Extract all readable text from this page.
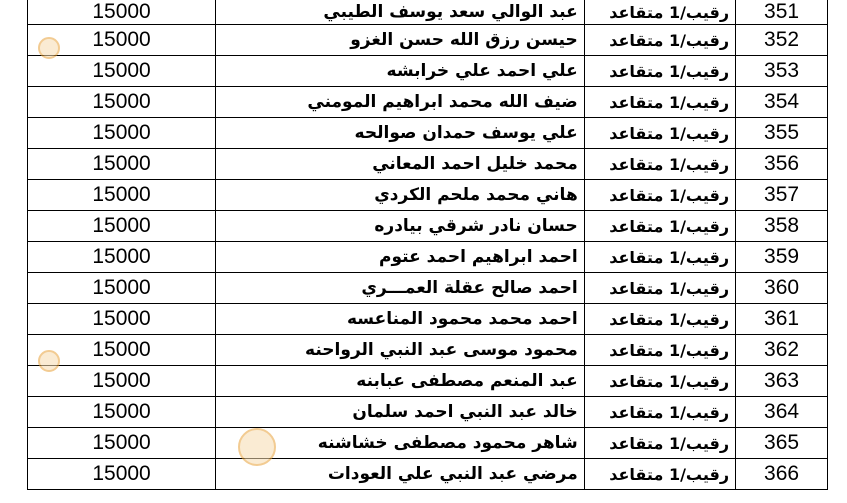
15000	عبد الوالي سعد يوسف الطيبي	رقيب/1 متقاعد	351
15000	حيسن رزق الله حسن الغزو	رقيب/1 متقاعد	352
15000	علي احمد علي خرابشه	رقيب/1 متقاعد	353
15000	ضيف الله محمد ابراهيم المومني	رقيب/1 متقاعد	354
15000	علي يوسف حمدان صوالحه	رقيب/1 متقاعد	355
15000	محمد خليل احمد المعاني	رقيب/1 متقاعد	356
15000	هاني محمد ملحم الكردي	رقيب/1 متقاعد	357
15000	حسان نادر شرقي بيادره	رقيب/1 متقاعد	358
15000	احمد ابراهيم احمد عتوم	رقيب/1 متقاعد	359
15000	احمد صالح عقلة العمـــري	رقيب/1 متقاعد	360
15000	احمد محمد محمود المناعسه	رقيب/1 متقاعد	361
15000	محمود موسى عبد النبي الرواحنه	رقيب/1 متقاعد	362
15000	عبد المنعم مصطفى عبابنه	رقيب/1 متقاعد	363
15000	خالد عبد النبي احمد سلمان	رقيب/1 متقاعد	364
15000	شاهر محمود مصطفى خشاشنه	رقيب/1 متقاعد	365
15000	مرضي عبد النبي علي العودات	رقيب/1 متقاعد	366
